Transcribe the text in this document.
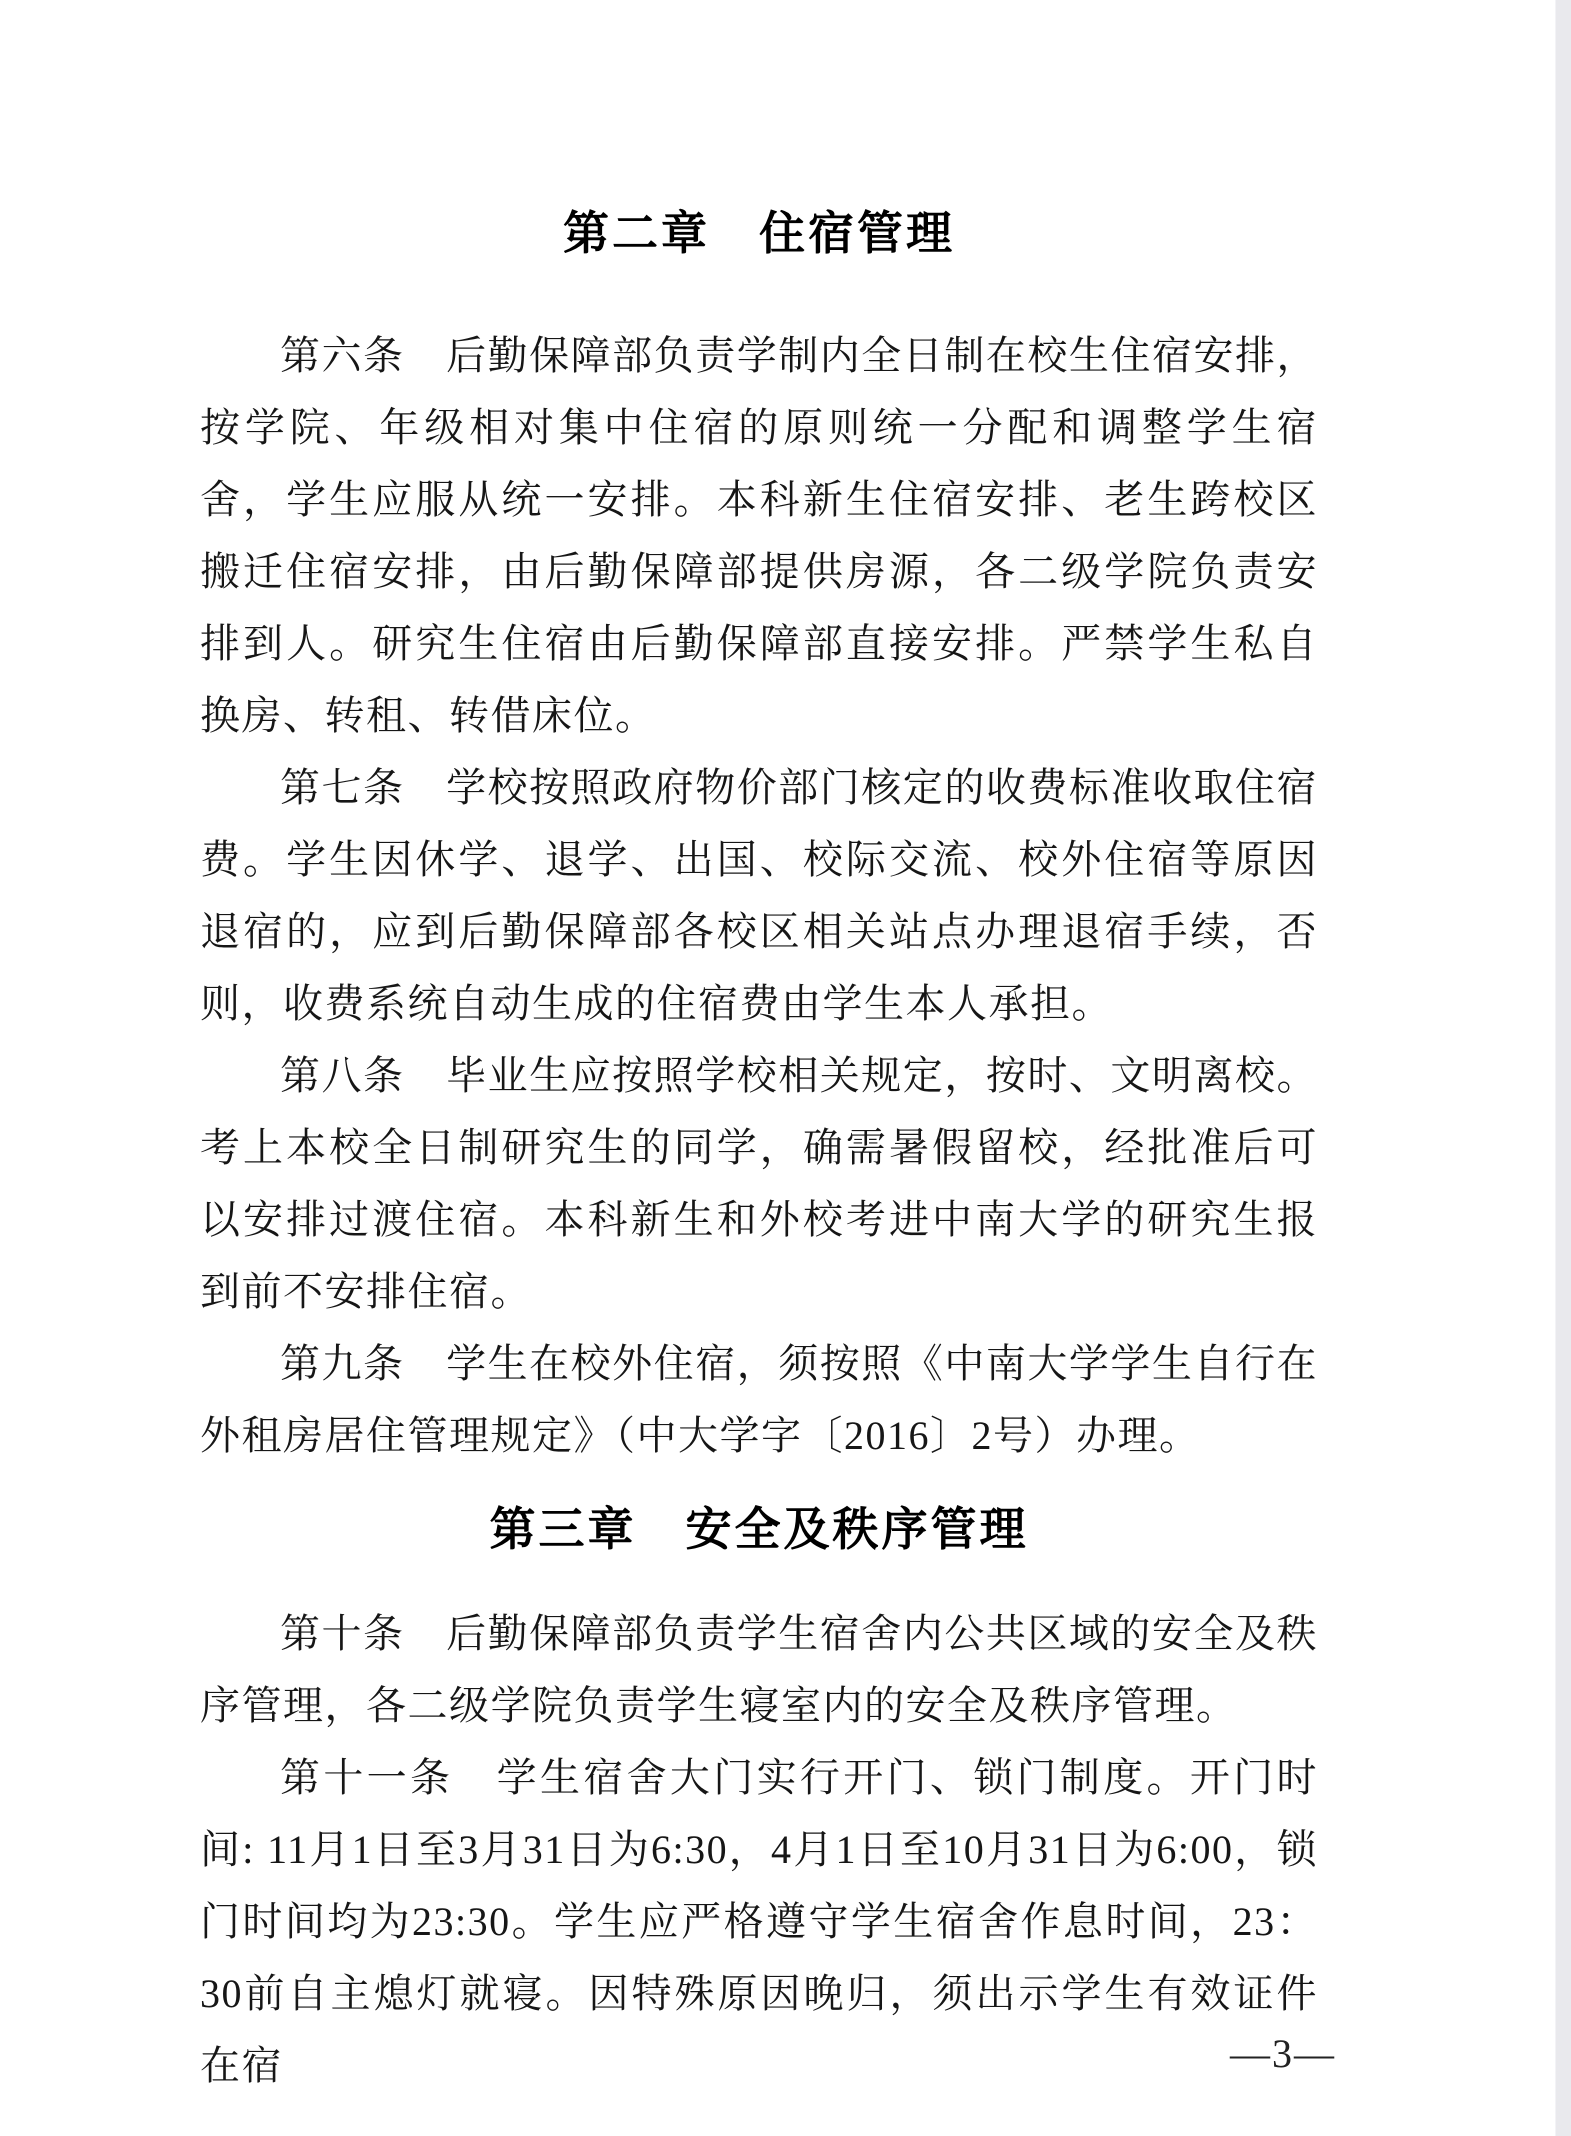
第二章　住宿管理

第六条　后勤保障部负责学制内全日制在校生住宿安排，按学院、年级相对集中住宿的原则统一分配和调整学生宿舍，学生应服从统一安排。本科新生住宿安排、老生跨校区搬迁住宿安排，由后勤保障部提供房源，各二级学院负责安排到人。研究生住宿由后勤保障部直接安排。严禁学生私自换房、转租、转借床位。

第七条　学校按照政府物价部门核定的收费标准收取住宿费。学生因休学、退学、出国、校际交流、校外住宿等原因退宿的，应到后勤保障部各校区相关站点办理退宿手续，否则，收费系统自动生成的住宿费由学生本人承担。

第八条　毕业生应按照学校相关规定，按时、文明离校。考上本校全日制研究生的同学，确需暑假留校，经批准后可以安排过渡住宿。本科新生和外校考进中南大学的研究生报到前不安排住宿。

第九条　学生在校外住宿，须按照《中南大学学生自行在外租房居住管理规定》（中大学字〔2016〕2号）办理。

第三章　安全及秩序管理

第十条　后勤保障部负责学生宿舍内公共区域的安全及秩序管理，各二级学院负责学生寝室内的安全及秩序管理。

第十一条　学生宿舍大门实行开门、锁门制度。开门时间: 11月1日至3月31日为6:30，4月1日至10月31日为6:00，锁门时间均为23:30。学生应严格遵守学生宿舍作息时间，23：30前自主熄灯就寝。因特殊原因晚归，须出示学生有效证件在宿	—3—
